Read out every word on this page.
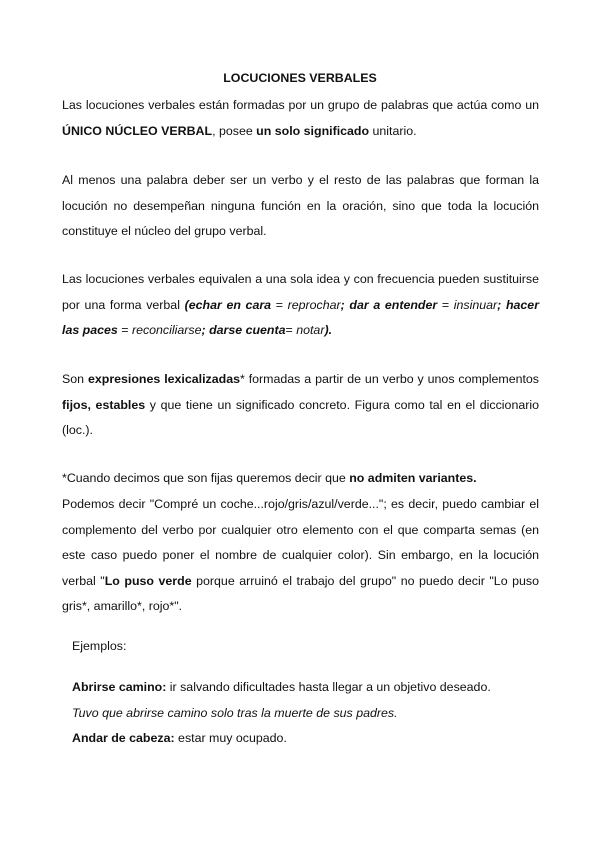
LOCUCIONES VERBALES
Las locuciones verbales están formadas por un grupo de palabras que actúa como un ÚNICO NÚCLEO VERBAL, posee un solo significado unitario.
Al menos una palabra deber ser un verbo y el resto de las palabras que forman la locución no desempeñan ninguna función en la oración, sino que toda la locución constituye el núcleo del grupo verbal.
Las locuciones verbales equivalen a una sola idea y con frecuencia pueden sustituirse por una forma verbal (echar en cara = reprochar; dar a entender = insinuar; hacer las paces = reconciliarse; darse cuenta= notar).
Son expresiones lexicalizadas* formadas a partir de un verbo y unos complementos fijos, estables y que tiene un significado concreto. Figura como tal en el diccionario (loc.).
*Cuando decimos que son fijas queremos decir que no admiten variantes.
Podemos decir "Compré un coche...rojo/gris/azul/verde..."; es decir, puedo cambiar el complemento del verbo por cualquier otro elemento con el que comparta semas (en este caso puedo poner el nombre de cualquier color). Sin embargo, en la locución verbal "Lo puso verde porque arruinó el trabajo del grupo" no puedo decir "Lo puso gris*, amarillo*, rojo*".
Ejemplos:
Abrirse camino: ir salvando dificultades hasta llegar a un objetivo deseado.
Tuvo que abrirse camino solo tras la muerte de sus padres.
Andar de cabeza: estar muy ocupado.
